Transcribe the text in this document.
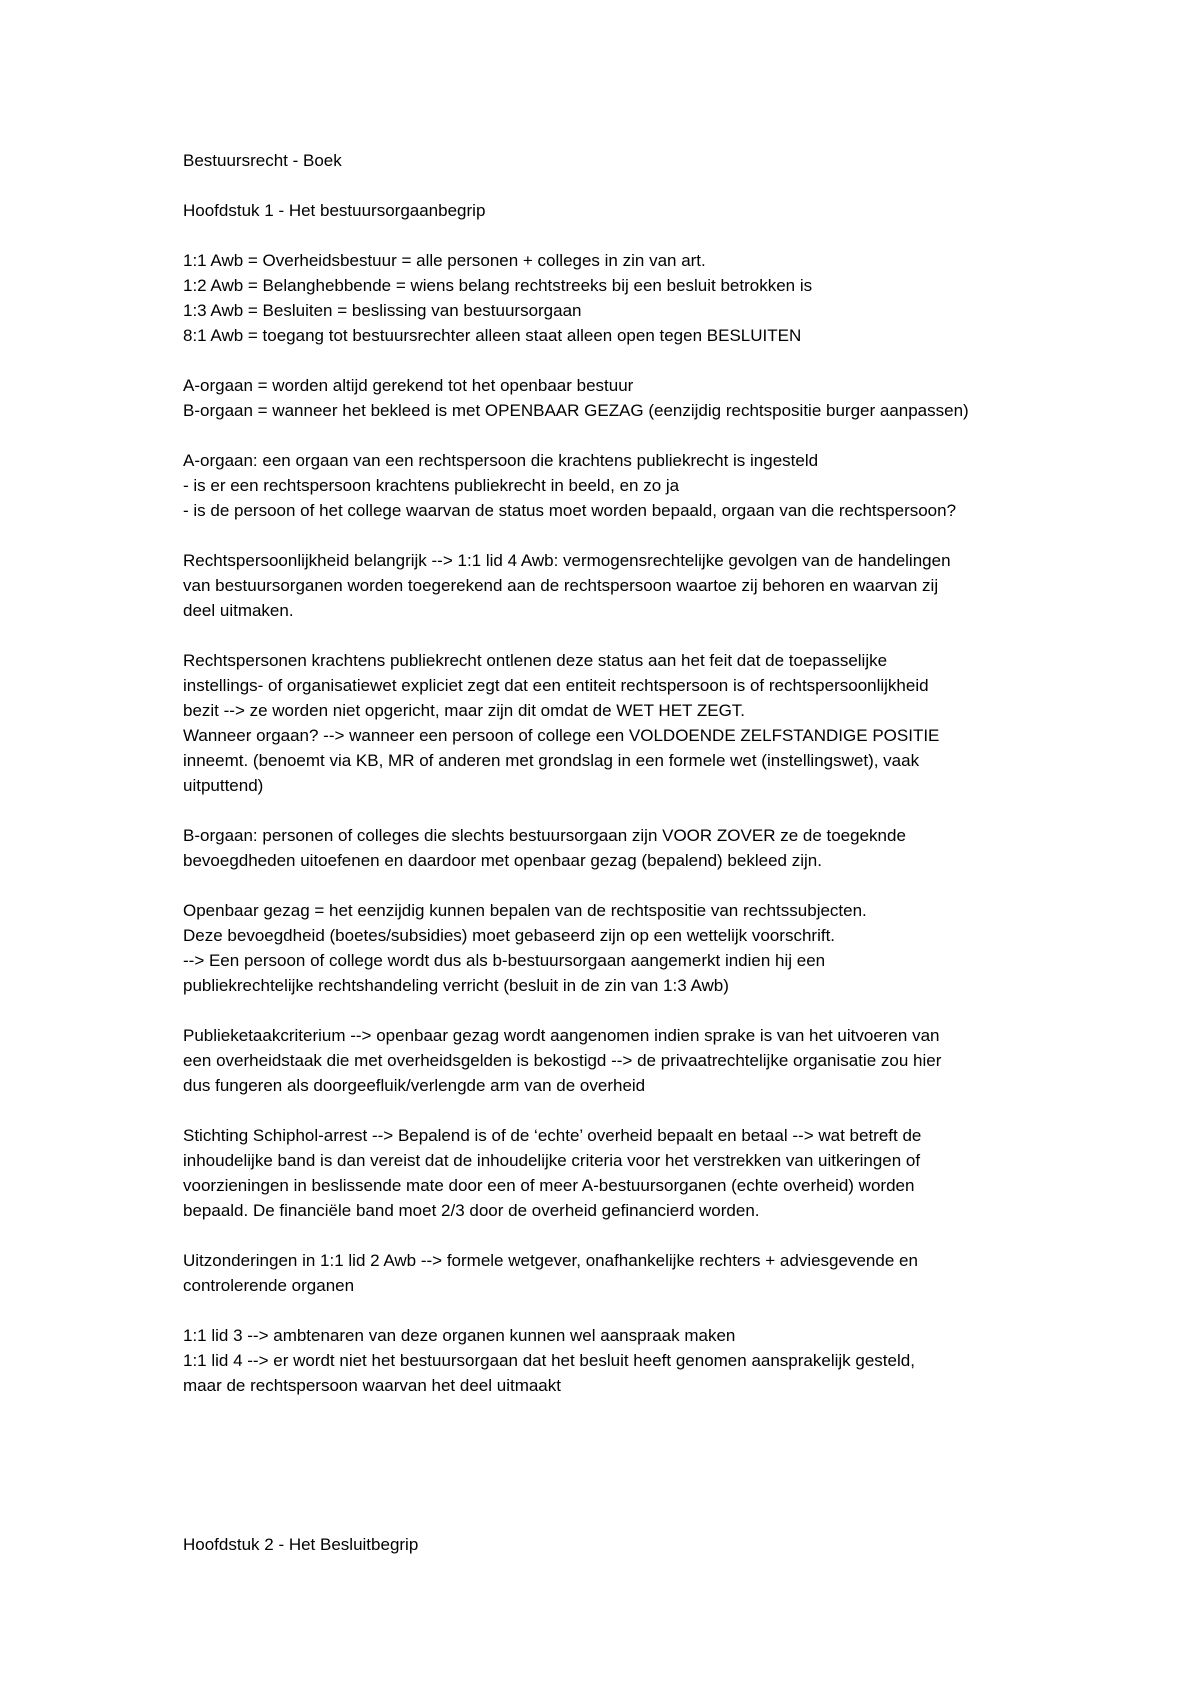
Bestuursrecht - Boek

Hoofdstuk 1 - Het bestuursorgaanbegrip

1:1 Awb = Overheidsbestuur = alle personen + colleges in zin van art.

1:2 Awb = Belanghebbende = wiens belang rechtstreeks bij een besluit betrokken is

1:3 Awb = Besluiten = beslissing van bestuursorgaan

8:1 Awb = toegang tot bestuursrechter alleen staat alleen open tegen BESLUITEN

A-orgaan = worden altijd gerekend tot het openbaar bestuur

B-orgaan = wanneer het bekleed is met OPENBAAR GEZAG (eenzijdig rechtspositie burger aanpassen)

A-orgaan: een orgaan van een rechtspersoon die krachtens publiekrecht is ingesteld

- is er een rechtspersoon krachtens publiekrecht in beeld, en zo ja

- is de persoon of het college waarvan de status moet worden bepaald, orgaan van die rechtspersoon?

Rechtspersoonlijkheid belangrijk --> 1:1 lid 4 Awb: vermogensrechtelijke gevolgen van de handelingen

van bestuursorganen worden toegerekend aan de rechtspersoon waartoe zij behoren en waarvan zij

deel uitmaken.

Rechtspersonen krachtens publiekrecht ontlenen deze status aan het feit dat de toepasselijke

instellings- of organisatiewet expliciet zegt dat een entiteit rechtspersoon is of rechtspersoonlijkheid

bezit --> ze worden niet opgericht, maar zijn dit omdat de WET HET ZEGT.

Wanneer orgaan? --> wanneer een persoon of college een VOLDOENDE ZELFSTANDIGE POSITIE

inneemt. (benoemt via KB, MR of anderen met grondslag in een formele wet (instellingswet), vaak

uitputtend)

B-orgaan: personen of colleges die slechts bestuursorgaan zijn VOOR ZOVER ze de toegeknde

bevoegdheden uitoefenen en daardoor met openbaar gezag (bepalend) bekleed zijn.

Openbaar gezag = het eenzijdig kunnen bepalen van de rechtspositie van rechtssubjecten.

Deze bevoegdheid (boetes/subsidies) moet gebaseerd zijn op een wettelijk voorschrift.

--> Een persoon of college wordt dus als b-bestuursorgaan aangemerkt indien hij een

publiekrechtelijke rechtshandeling verricht (besluit in de zin van 1:3 Awb)

Publieketaakcriterium --> openbaar gezag wordt aangenomen indien sprake is van het uitvoeren van

een overheidstaak die met overheidsgelden is bekostigd --> de privaatrechtelijke organisatie zou hier

dus fungeren als doorgeefluik/verlengde arm van de overheid

Stichting Schiphol-arrest --> Bepalend is of de ‘echte’ overheid bepaalt en betaal --> wat betreft de

inhoudelijke band is dan vereist dat de inhoudelijke criteria voor het verstrekken van uitkeringen of

voorzieningen in beslissende mate door een of meer A-bestuursorganen (echte overheid) worden

bepaald. De financiële band moet 2/3 door de overheid gefinancierd worden.

Uitzonderingen in 1:1 lid 2 Awb --> formele wetgever, onafhankelijke rechters + adviesgevende en

controlerende organen

1:1 lid 3 --> ambtenaren van deze organen kunnen wel aanspraak maken

1:1 lid 4 --> er wordt niet het bestuursorgaan dat het besluit heeft genomen aansprakelijk gesteld,

maar de rechtspersoon waarvan het deel uitmaakt

Hoofdstuk 2 - Het Besluitbegrip
